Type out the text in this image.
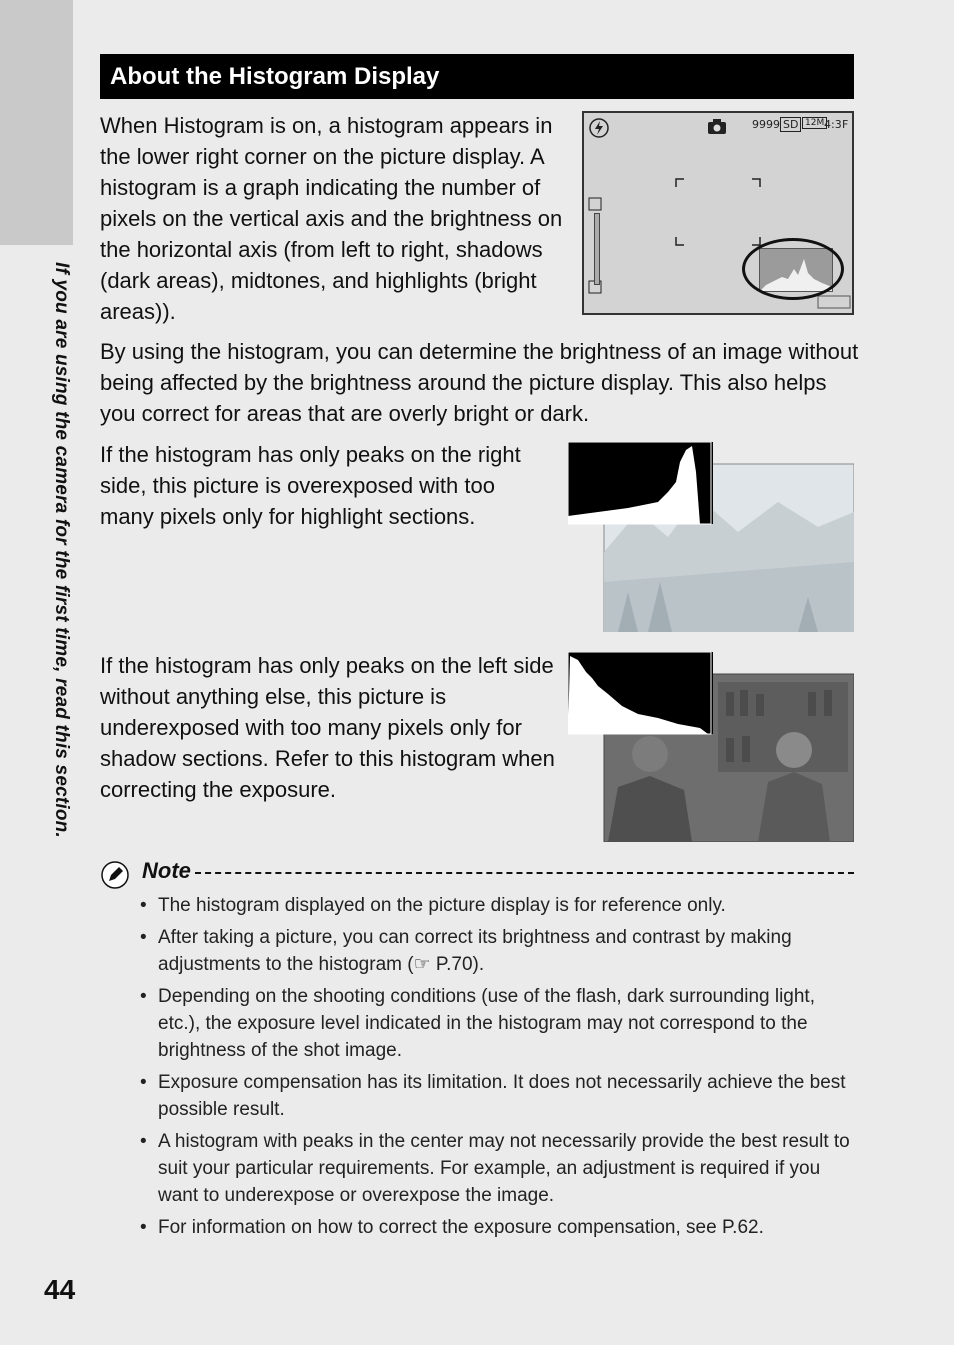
If you are using the camera for the first time, read this section.
About the Histogram Display

When Histogram is on, a histogram appears in the lower right corner on the picture display. A histogram is a graph indicating the number of pixels on the vertical axis and the brightness on the horizontal axis (from left to right, shadows (dark areas), midtones, and highlights (bright areas)).

9999 SD 12M 4:3 F

By using the histogram, you can determine the brightness of an image without being affected by the brightness around the picture display. This also helps you correct for areas that are overly bright or dark.

If the histogram has only peaks on the right side, this picture is overexposed with too many pixels only for highlight sections.

If the histogram has only peaks on the left side without anything else, this picture is underexposed with too many pixels only for shadow sections. Refer to this histogram when correcting the exposure.

Note
• The histogram displayed on the picture display is for reference only.
• After taking a picture, you can correct its brightness and contrast by making adjustments to the histogram (☞ P.70).
• Depending on the shooting conditions (use of the flash, dark surrounding light, etc.), the exposure level indicated in the histogram may not correspond to the brightness of the shot image.
• Exposure compensation has its limitation. It does not necessarily achieve the best possible result.
• A histogram with peaks in the center may not necessarily provide the best result to suit your particular requirements. For example, an adjustment is required if you want to underexpose or overexpose the image.
• For information on how to correct the exposure compensation, see P.62.
44
